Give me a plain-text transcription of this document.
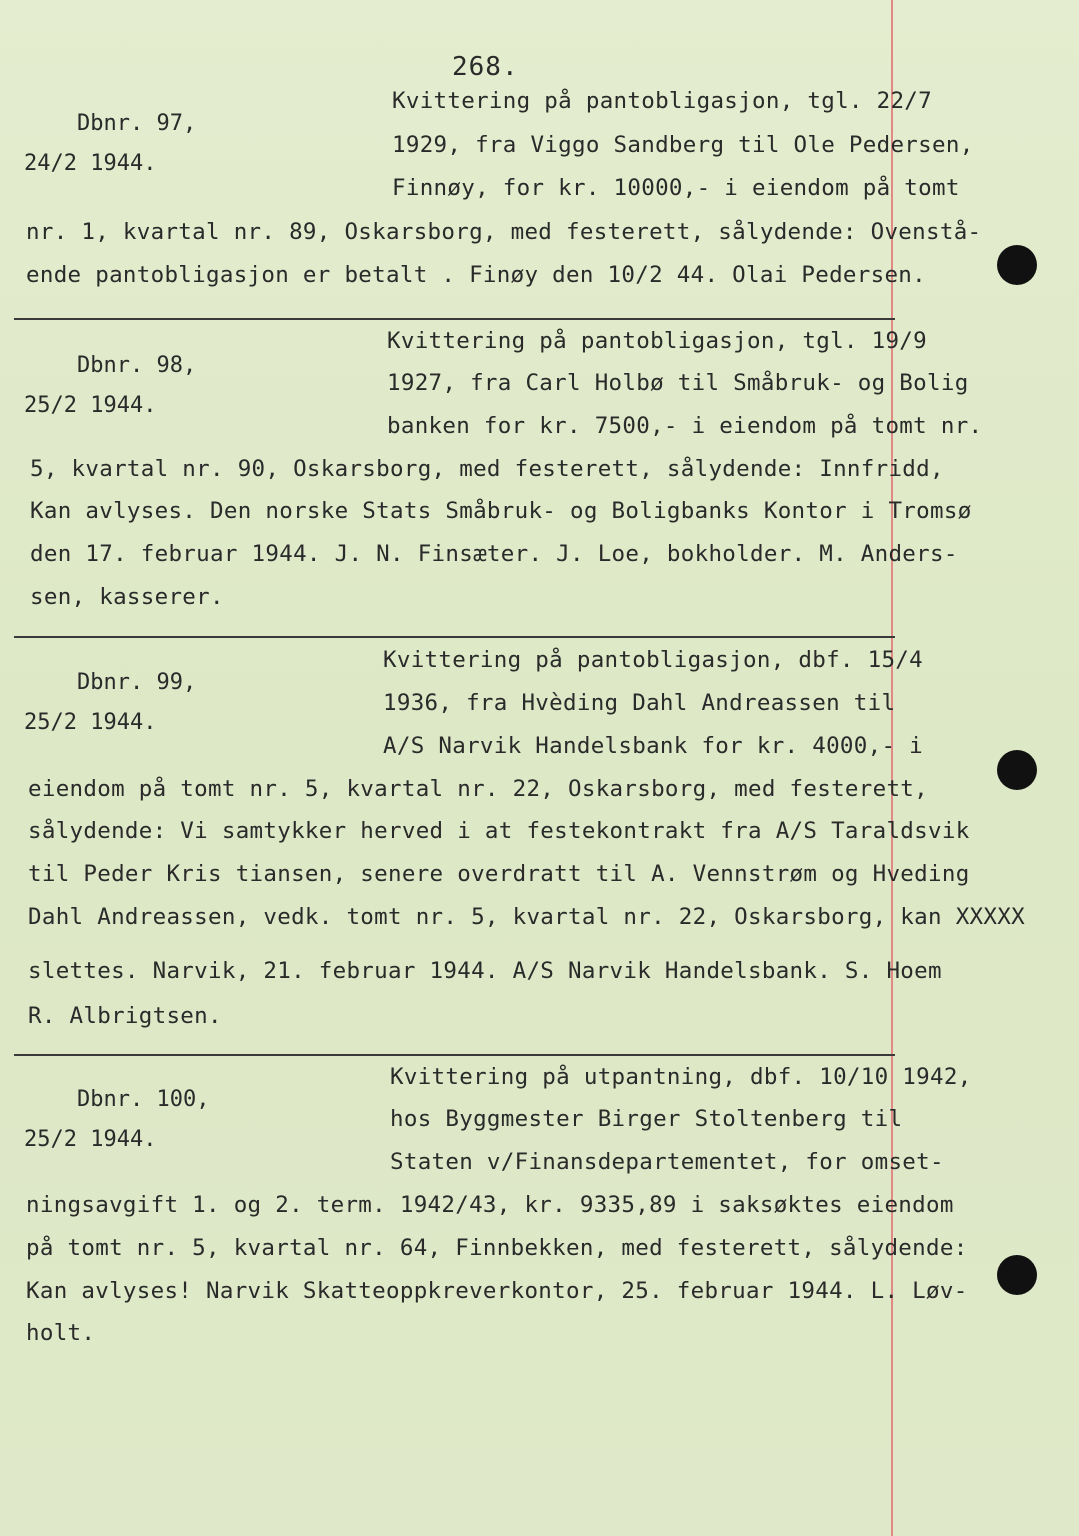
268.

Dbnr. 97,

24/2 1944.

Kvittering på pantobligasjon, tgl. 22/7
1929, fra Viggo Sandberg til Ole Pedersen,
Finnøy, for kr. 10000,- i eiendom på tomt
nr. 1, kvartal nr. 89, Oskarsborg, med festerett, sålydende: Ovenstå-
ende pantobligasjon er betalt . Finøy den 10/2 44. Olai Pedersen.

Dbnr. 98,

25/2 1944.

Kvittering på pantobligasjon, tgl. 19/9
1927, fra Carl Holbø til Småbruk- og Bolig
banken for kr. 7500,- i eiendom på tomt nr.
5, kvartal nr. 90, Oskarsborg, med festerett, sålydende: Innfridd,
Kan avlyses. Den norske Stats Småbruk- og Boligbanks Kontor i Tromsø
den 17. februar 1944. J. N. Finsæter. J. Loe, bokholder. M. Anders-
sen, kasserer.

Dbnr. 99,

25/2 1944.

Kvittering på pantobligasjon, dbf. 15/4
1936, fra Hvèding Dahl Andreassen til
A/S Narvik Handelsbank for kr. 4000,- i
eiendom på tomt nr. 5, kvartal nr. 22, Oskarsborg, med festerett,
sålydende: Vi samtykker herved i at festekontrakt fra A/S Taraldsvik
til Peder Kris tiansen, senere overdratt til A. Vennstrøm og Hveding
Dahl Andreassen, vedk. tomt nr. 5, kvartal nr. 22, Oskarsborg, kan XXXXX
slettes. Narvik, 21. februar 1944. A/S Narvik Handelsbank. S. Hoem
R. Albrigtsen.

Dbnr. 100,

25/2 1944.

Kvittering på utpantning, dbf. 10/10 1942,
hos Byggmester Birger Stoltenberg til
Staten v/Finansdepartementet, for omset-
ningsavgift 1. og 2. term. 1942/43, kr. 9335,89 i saksøktes eiendom
på tomt nr. 5, kvartal nr. 64, Finnbekken, med festerett, sålydende:
Kan avlyses! Narvik Skatteoppkreverkontor, 25. februar 1944. L. Løv-
holt.
